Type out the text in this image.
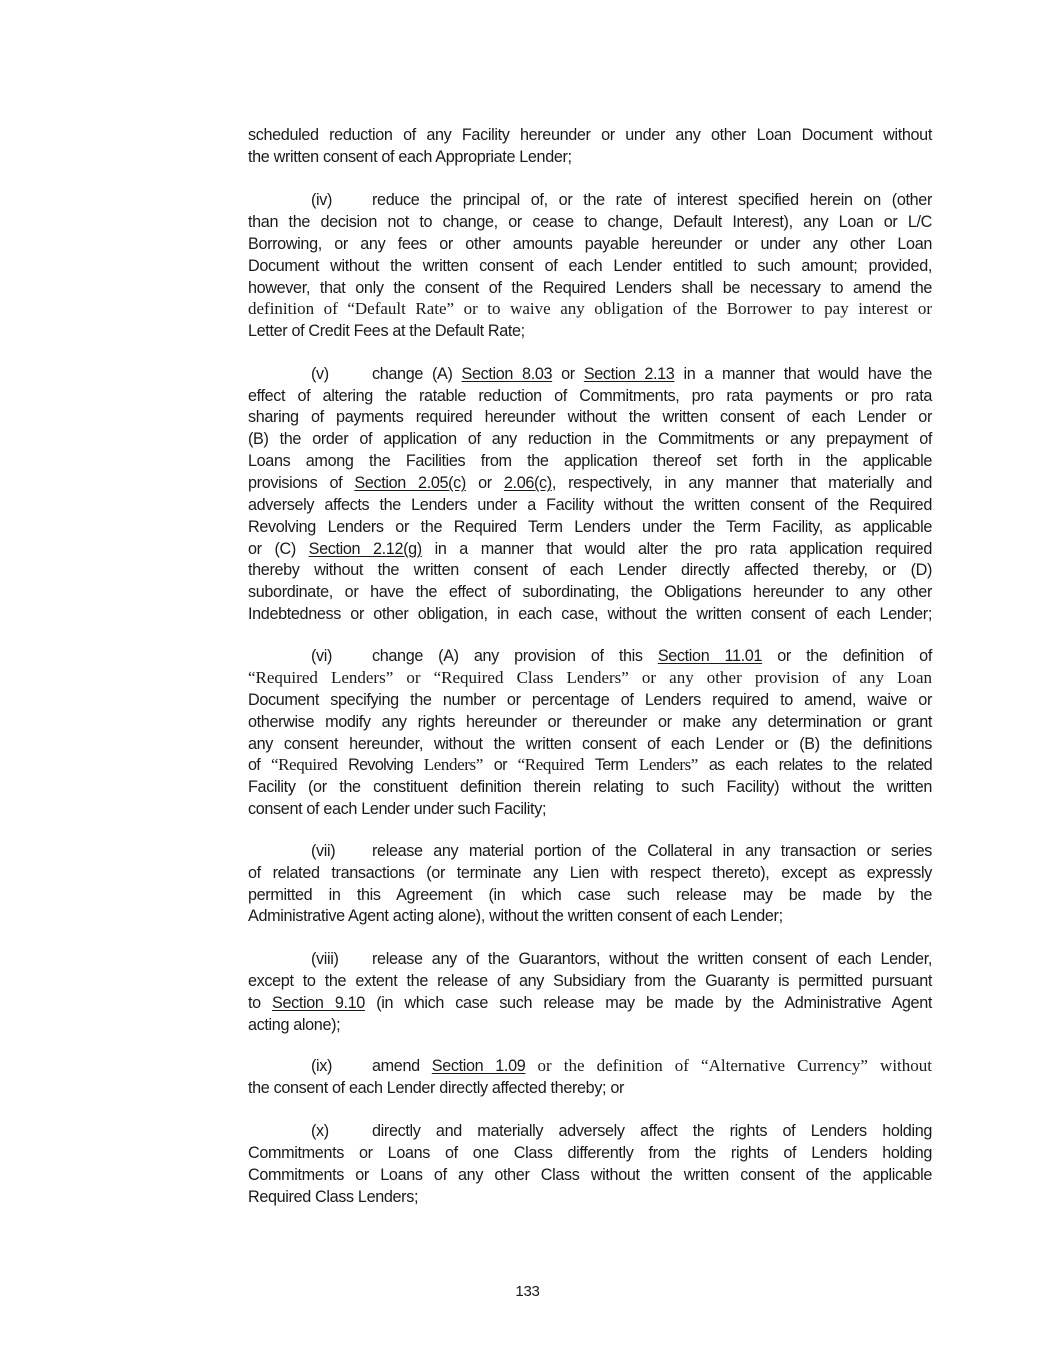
scheduled reduction of any Facility hereunder or under any other Loan Document without
the written consent of each Appropriate Lender;
(iv) reduce the principal of, or the rate of interest specified herein on (other
than the decision not to change, or cease to change, Default Interest), any Loan or L/C
Borrowing, or any fees or other amounts payable hereunder or under any other Loan
Document without the written consent of each Lender entitled to such amount; provided,
however, that only the consent of the Required Lenders shall be necessary to amend the
definition of “Default Rate” or to waive any obligation of the Borrower to pay interest or
Letter of Credit Fees at the Default Rate;
(v)	change (A) Section 8.03 or Section 2.13 in a manner that would have the
effect of altering the ratable reduction of Commitments, pro rata payments or pro rata
sharing of payments required hereunder without the written consent of each Lender or
(B) the order of application of any reduction in the Commitments or any prepayment of
Loans among the Facilities from the application thereof set forth in the applicable
provisions of Section 2.05(c) or 2.06(c), respectively, in any manner that materially and
adversely affects the Lenders under a Facility without the written consent of the Required
Revolving Lenders or the Required Term Lenders under the Term Facility, as applicable
or (C) Section 2.12(g) in a manner that would alter the pro rata application required
thereby without the written consent of each Lender directly affected thereby, or (D)
subordinate, or have the effect of subordinating, the Obligations hereunder to any other
Indebtedness or other obligation, in each case, without the written consent of each Lender;
(vi) change (A) any provision of this Section 11.01 or the definition of
“Required Lenders” or “Required Class Lenders” or any other provision of any Loan
Document specifying the number or percentage of Lenders required to amend, waive or
otherwise modify any rights hereunder or thereunder or make any determination or grant
any consent hereunder, without the written consent of each Lender or (B) the definitions
of “Required Revolving Lenders” or “Required Term Lenders” as each relates to the related
Facility (or the constituent definition therein relating to such Facility) without the written
consent of each Lender under such Facility;
(vii) release any material portion of the Collateral in any transaction or series
of related transactions (or terminate any Lien with respect thereto), except as expressly
permitted in this Agreement (in which case such release may be made by the
Administrative Agent acting alone), without the written consent of each Lender;
(viii) release any of the Guarantors, without the written consent of each Lender,
except to the extent the release of any Subsidiary from the Guaranty is permitted pursuant
to Section 9.10 (in which case such release may be made by the Administrative Agent
acting alone);
(ix) amend Section 1.09 or the definition of “Alternative Currency” without
the consent of each Lender directly affected thereby; or
(x)	directly and materially adversely affect the rights of Lenders holding
Commitments or Loans of one Class differently from the rights of Lenders holding
Commitments or Loans of any other Class without the written consent of the applicable
Required Class Lenders;
133
